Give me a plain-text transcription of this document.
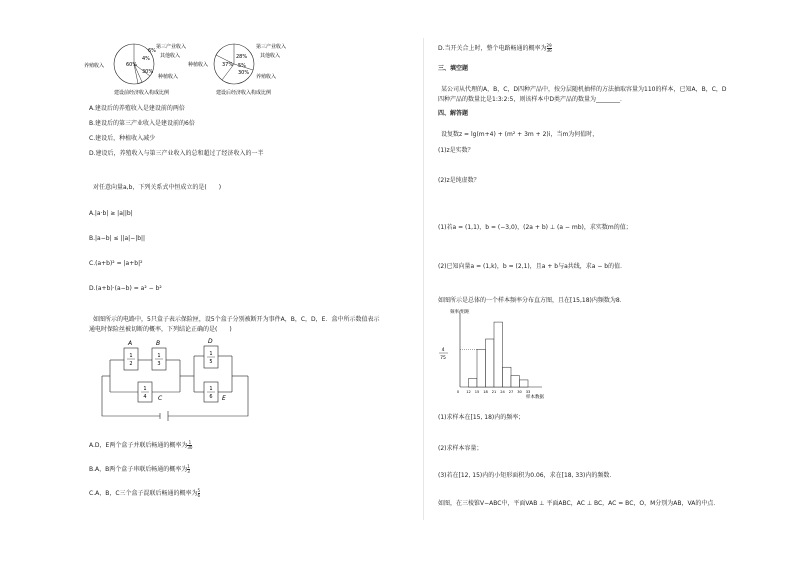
60%
30%
4%
6%
第三产业收入
其他收入
种植收入
养殖收入
建设前经济收入构成比例
28%
37%
30%
5%
第三产业收入
其他收入
种植收入
养殖收入
建设后经济收入构成比例
A.建设后的养殖收入是建设前的两倍
B.建设后的第三产业收入是建设前的6倍
C.建设后，种植收入减少
D.建设后，养殖收入与第三产业收入的总和超过了经济收入的一半
对任意向量a,b，下列关系式中恒成立的是(　　)
A.|a·b| ≥ |a||b|
B.|a−b| ≤ ||a|−|b||
C.(a+b)² = |a+b|²
D.(a+b)·(a−b) = a² − b²
如图所示的电路中，5只盒子表示保险匣，设5个盒子分别被断开为事件A，B，C，D，E．盒中所示数值表示
通电时保险丝被切断的概率，下列结论正确的是(　　)
A	B
C
D
E
1
2
1
3
1
4
1
5
1
6
A.D，E两个盒子并联后畅通的概率为 $\frac{1}{30}$
B.A，B两个盒子串联后畅通的概率为 $\frac{1}{3}$
C.A，B，C三个盒子混联后畅通的概率为 $\frac{5}{6}$
D.当开关合上时，整个电路畅通的概率为 $\frac{29}{36}$
三、填空题
某公司从代理的A，B，C，D四种产品中，按分层随机抽样的方法抽取容量为110的样本，已知A，B，C，D
四种产品的数量比是1:3:2:5，则该样本中D类产品的数量为________．
四、解答题
设复数z = lg(m+4) + (m² + 3m + 2)i，当m为何值时，
(1)z是实数？
(2)z是纯虚数？
(1)若a = (1,1)，b = (−3,0)，(2a + b) ⊥ (a − mb)，求实数m的值；
(2)已知向量a = (1,k)，b = (2,1)，且a + b与a共线，求a − b的值．
如图所示是总体的一个样本频率分布直方图，且在[15,18)内频数为8．
频率/组距
样本数据
4
75
0 12 15 18 21 24 27 30 33
(1)求样本在[15, 18)内的频率；
(2)求样本容量；
(3)若在[12, 15)内的小矩形面积为0.06，求在[18, 33)内的频数．
如图，在三棱锥V−ABC中，平面VAB ⊥ 平面ABC，AC ⊥ BC，AC = BC，O，M分别为AB，VA的中点．
